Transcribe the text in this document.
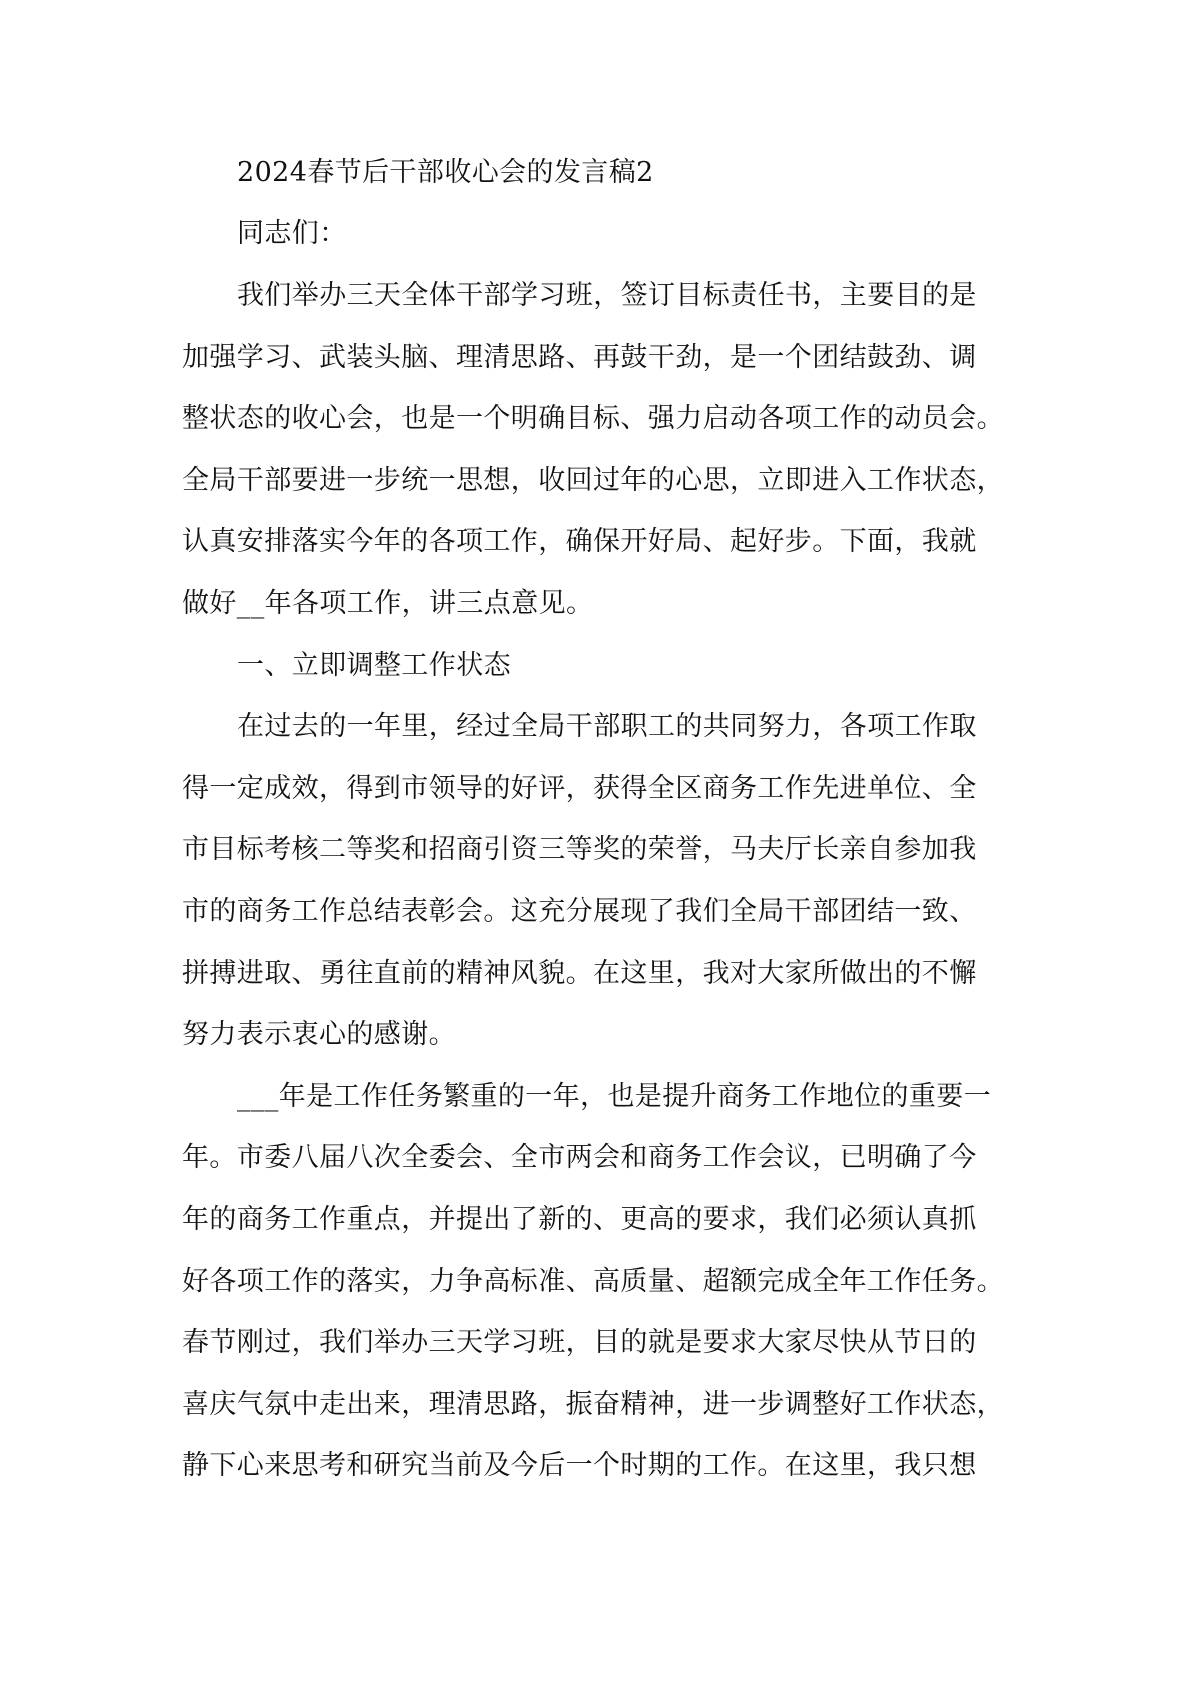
2024春节后干部收心会的发言稿2

同志们：

我们举办三天全体干部学习班，签订目标责任书，主要目的是

加强学习、武装头脑、理清思路、再鼓干劲，是一个团结鼓劲、调

整状态的收心会，也是一个明确目标、强力启动各项工作的动员会。

全局干部要进一步统一思想，收回过年的心思，立即进入工作状态，

认真安排落实今年的各项工作，确保开好局、起好步。下面，我就

做好__年各项工作，讲三点意见。

一、立即调整工作状态

在过去的一年里，经过全局干部职工的共同努力，各项工作取

得一定成效，得到市领导的好评，获得全区商务工作先进单位、全

市目标考核二等奖和招商引资三等奖的荣誉，马夫厅长亲自参加我

市的商务工作总结表彰会。这充分展现了我们全局干部团结一致、

拼搏进取、勇往直前的精神风貌。在这里，我对大家所做出的不懈

努力表示衷心的感谢。

___年是工作任务繁重的一年，也是提升商务工作地位的重要一

年。市委八届八次全委会、全市两会和商务工作会议，已明确了今

年的商务工作重点，并提出了新的、更高的要求，我们必须认真抓

好各项工作的落实，力争高标准、高质量、超额完成全年工作任务。

春节刚过，我们举办三天学习班，目的就是要求大家尽快从节日的

喜庆气氛中走出来，理清思路，振奋精神，进一步调整好工作状态，

静下心来思考和研究当前及今后一个时期的工作。在这里，我只想
